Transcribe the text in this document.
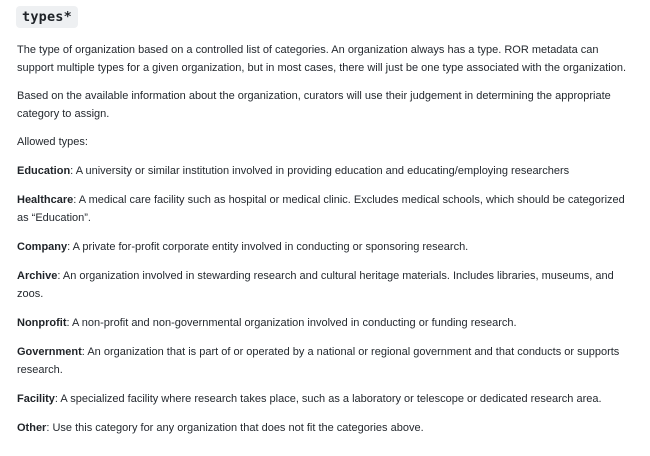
types*

The type of organization based on a controlled list of categories. An organization always has a type. ROR metadata can support multiple types for a given organization, but in most cases, there will just be one type associated with the organization.

Based on the available information about the organization, curators will use their judgement in determining the appropriate category to assign.

Allowed types:

Education: A university or similar institution involved in providing education and educating/employing researchers

Healthcare: A medical care facility such as hospital or medical clinic. Excludes medical schools, which should be categorized as “Education”.

Company: A private for-profit corporate entity involved in conducting or sponsoring research.

Archive: An organization involved in stewarding research and cultural heritage materials. Includes libraries, museums, and zoos.

Nonprofit: A non-profit and non-governmental organization involved in conducting or funding research.

Government: An organization that is part of or operated by a national or regional government and that conducts or supports research.

Facility: A specialized facility where research takes place, such as a laboratory or telescope or dedicated research area.

Other: Use this category for any organization that does not fit the categories above.
